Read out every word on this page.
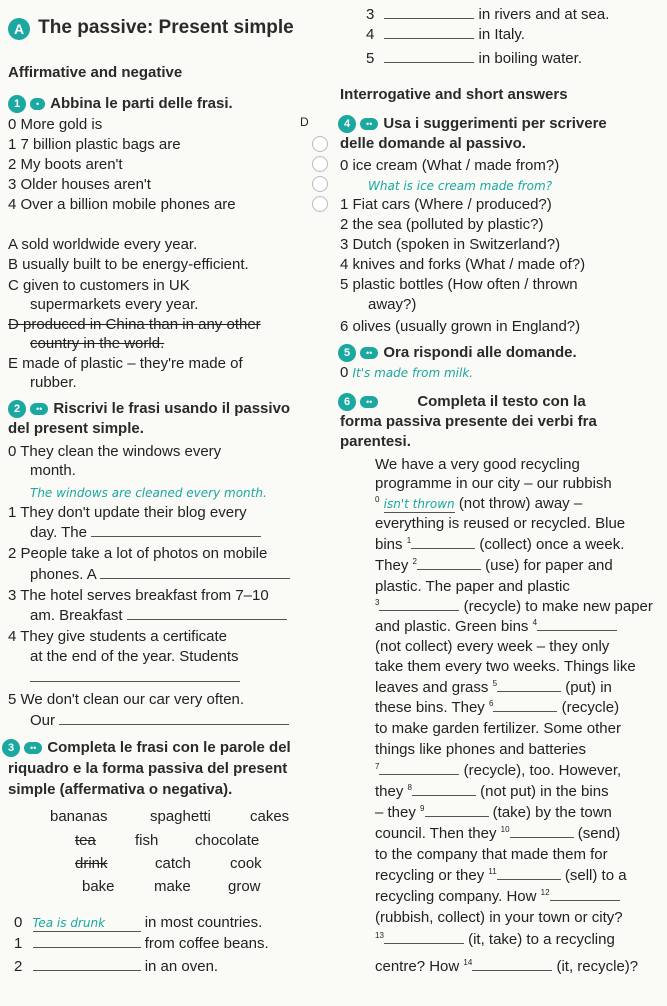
A The passive: Present simple
3	in rivers and at sea.
4	in Italy.
5	in boiling water.
Affirmative and negative
1 • Abbina le parti delle frasi.
0 More gold is	D
1 7 billion plastic bags are
2 My boots aren't
3 Older houses aren't
4 Over a billion mobile phones are
A sold worldwide every year.
B usually built to be energy-efficient.
C given to customers in UK
supermarkets every year.
D produced in China than in any other
country in the world.
E made of plastic – they're made of
rubber.
2 •• Riscrivi le frasi usando il passivo
del present simple.
0 They clean the windows every
month.
The windows are cleaned every month.
1 They don't update their blog every
day. The
2 People take a lot of photos on mobile
phones. A
3 The hotel serves breakfast from 7–10
am. Breakfast
4 They give students a certificate
at the end of the year. Students
5 We don't clean our car very often.
Our
3 •• Completa le frasi con le parole del
riquadro e la forma passiva del present
simple (affermativa o negativa).
bananas	spaghetti	cakes
tea	fish chocolate
drink	catch	cook
bake	make grow
0 Tea is drunk	in most countries.
1	from coffee beans.
2	in an oven.
Interrogative and short answers
4 •• Usa i suggerimenti per scrivere
delle domande al passivo.
0 ice cream (What / made from?)
What is ice cream made from?
1 Fiat cars (Where / produced?)
2 the sea (polluted by plastic?)
3 Dutch (spoken in Switzerland?)
4 knives and forks (What / made of?)
5 plastic bottles (How often / thrown
away?)
6 olives (usually grown in England?)
5 •• Ora rispondi alle domande.
0 It's made from milk.
6 ••	Completa il testo con la
forma passiva presente dei verbi fra
parentesi.
We have a very good recycling
programme in our city – our rubbish
$^0$ isn't thrown (not throw) away –
everything is reused or recycled. Blue
bins $^1$	(collect) once a week.
They $^2$	(use) for paper and
plastic. The paper and plastic
$^3$	(recycle) to make new paper
and plastic. Green bins $^4$
(not collect) every week – they only
take them every two weeks. Things like
leaves and grass $^5$	(put) in
these bins. They $^6$	(recycle)
to make garden fertilizer. Some other
things like phones and batteries
$^7$	(recycle), too. However,
they $^8$	(not put) in the bins
– they $^9$	(take) by the town
council. Then they $^{10}$	(send)
to the company that made them for
recycling or they $^{11}$	(sell) to a
recycling company. How $^{12}$
(rubbish, collect) in your town or city?
$^{13}$	(it, take) to a recycling
centre? How $^{14}$	(it, recycle)?
